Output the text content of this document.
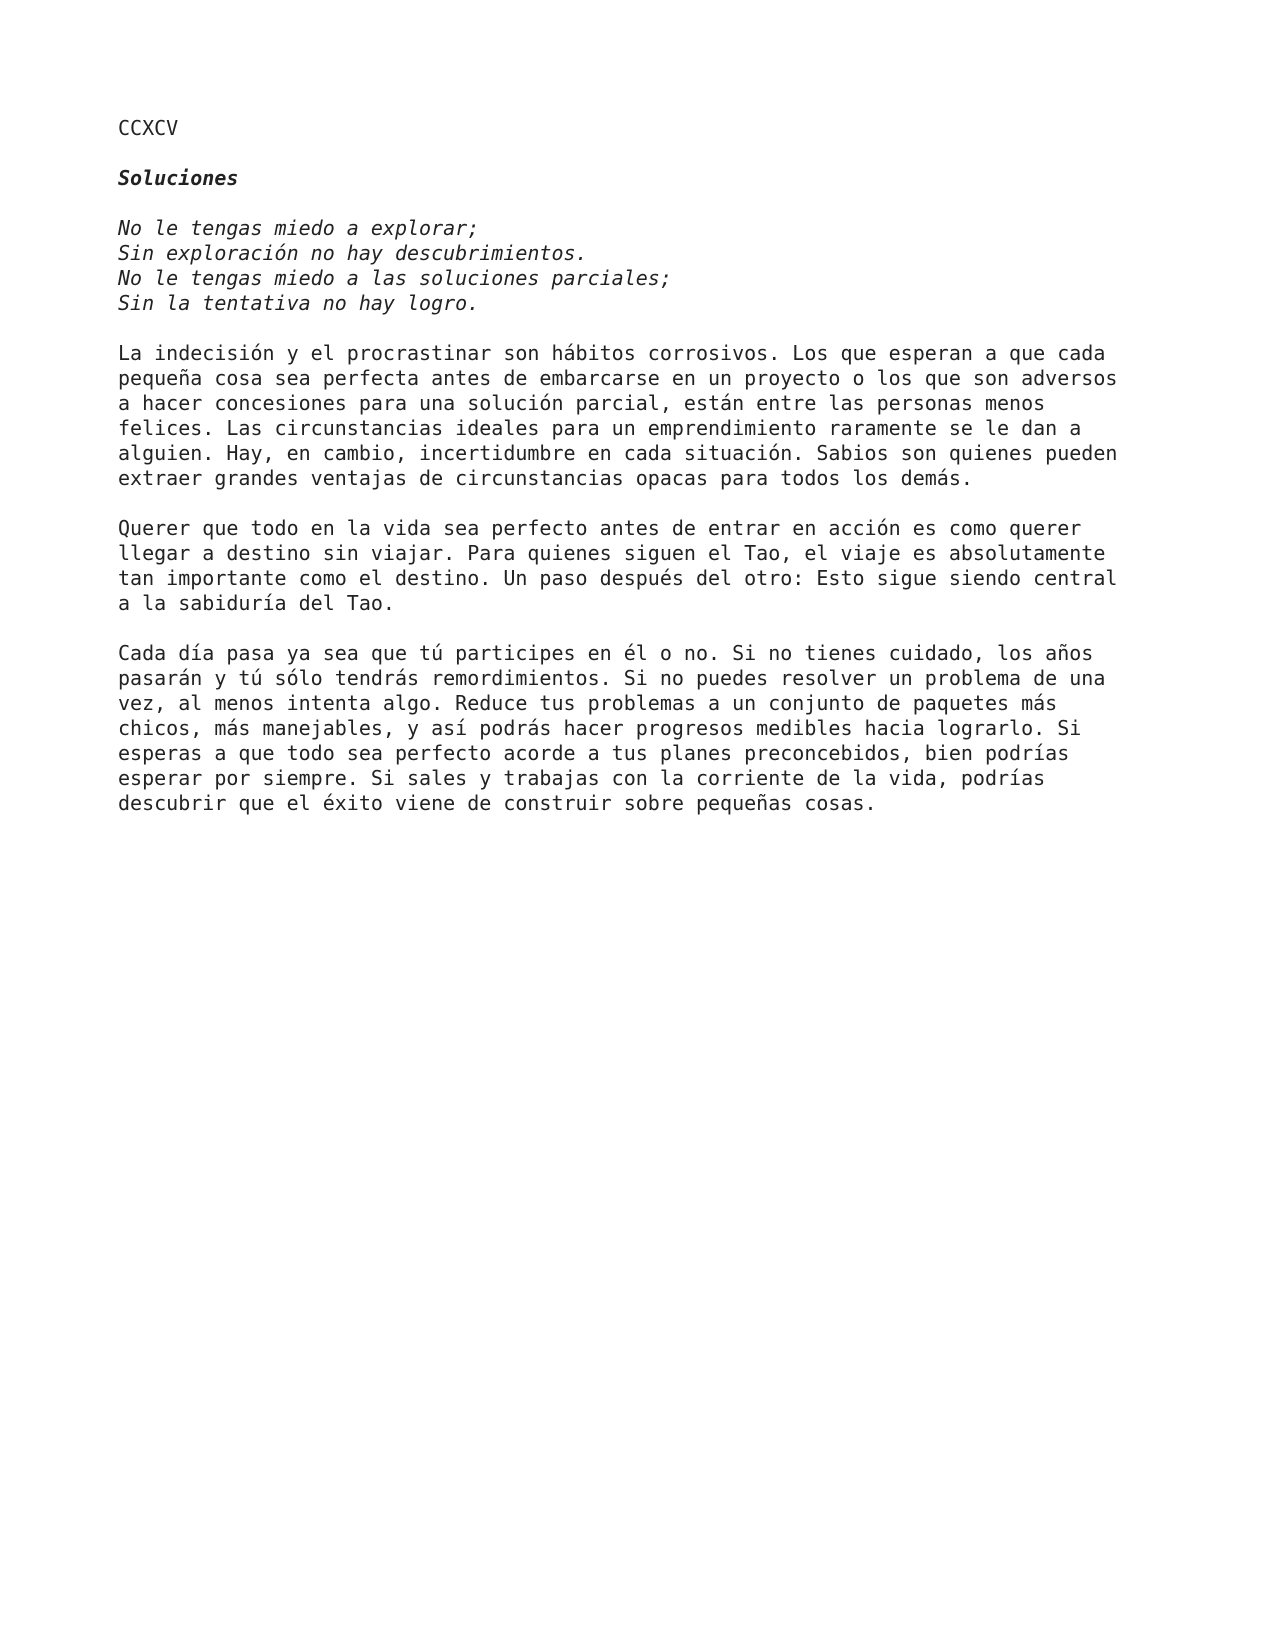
CCXCV
Soluciones
No le tengas miedo a explorar;
Sin exploración no hay descubrimientos.
No le tengas miedo a las soluciones parciales;
Sin la tentativa no hay logro.
La indecisión y el procrastinar son hábitos corrosivos. Los que esperan a que cada
pequeña cosa sea perfecta antes de embarcarse en un proyecto o los que son adversos
a hacer concesiones para una solución parcial, están entre las personas menos
felices. Las circunstancias ideales para un emprendimiento raramente se le dan a
alguien. Hay, en cambio, incertidumbre en cada situación. Sabios son quienes pueden
extraer grandes ventajas de circunstancias opacas para todos los demás.
Querer que todo en la vida sea perfecto antes de entrar en acción es como querer
llegar a destino sin viajar. Para quienes siguen el Tao, el viaje es absolutamente
tan importante como el destino. Un paso después del otro: Esto sigue siendo central
a la sabiduría del Tao.
Cada día pasa ya sea que tú participes en él o no. Si no tienes cuidado, los años
pasarán y tú sólo tendrás remordimientos. Si no puedes resolver un problema de una
vez, al menos intenta algo. Reduce tus problemas a un conjunto de paquetes más
chicos, más manejables, y así podrás hacer progresos medibles hacia lograrlo. Si
esperas a que todo sea perfecto acorde a tus planes preconcebidos, bien podrías
esperar por siempre. Si sales y trabajas con la corriente de la vida, podrías
descubrir que el éxito viene de construir sobre pequeñas cosas.
